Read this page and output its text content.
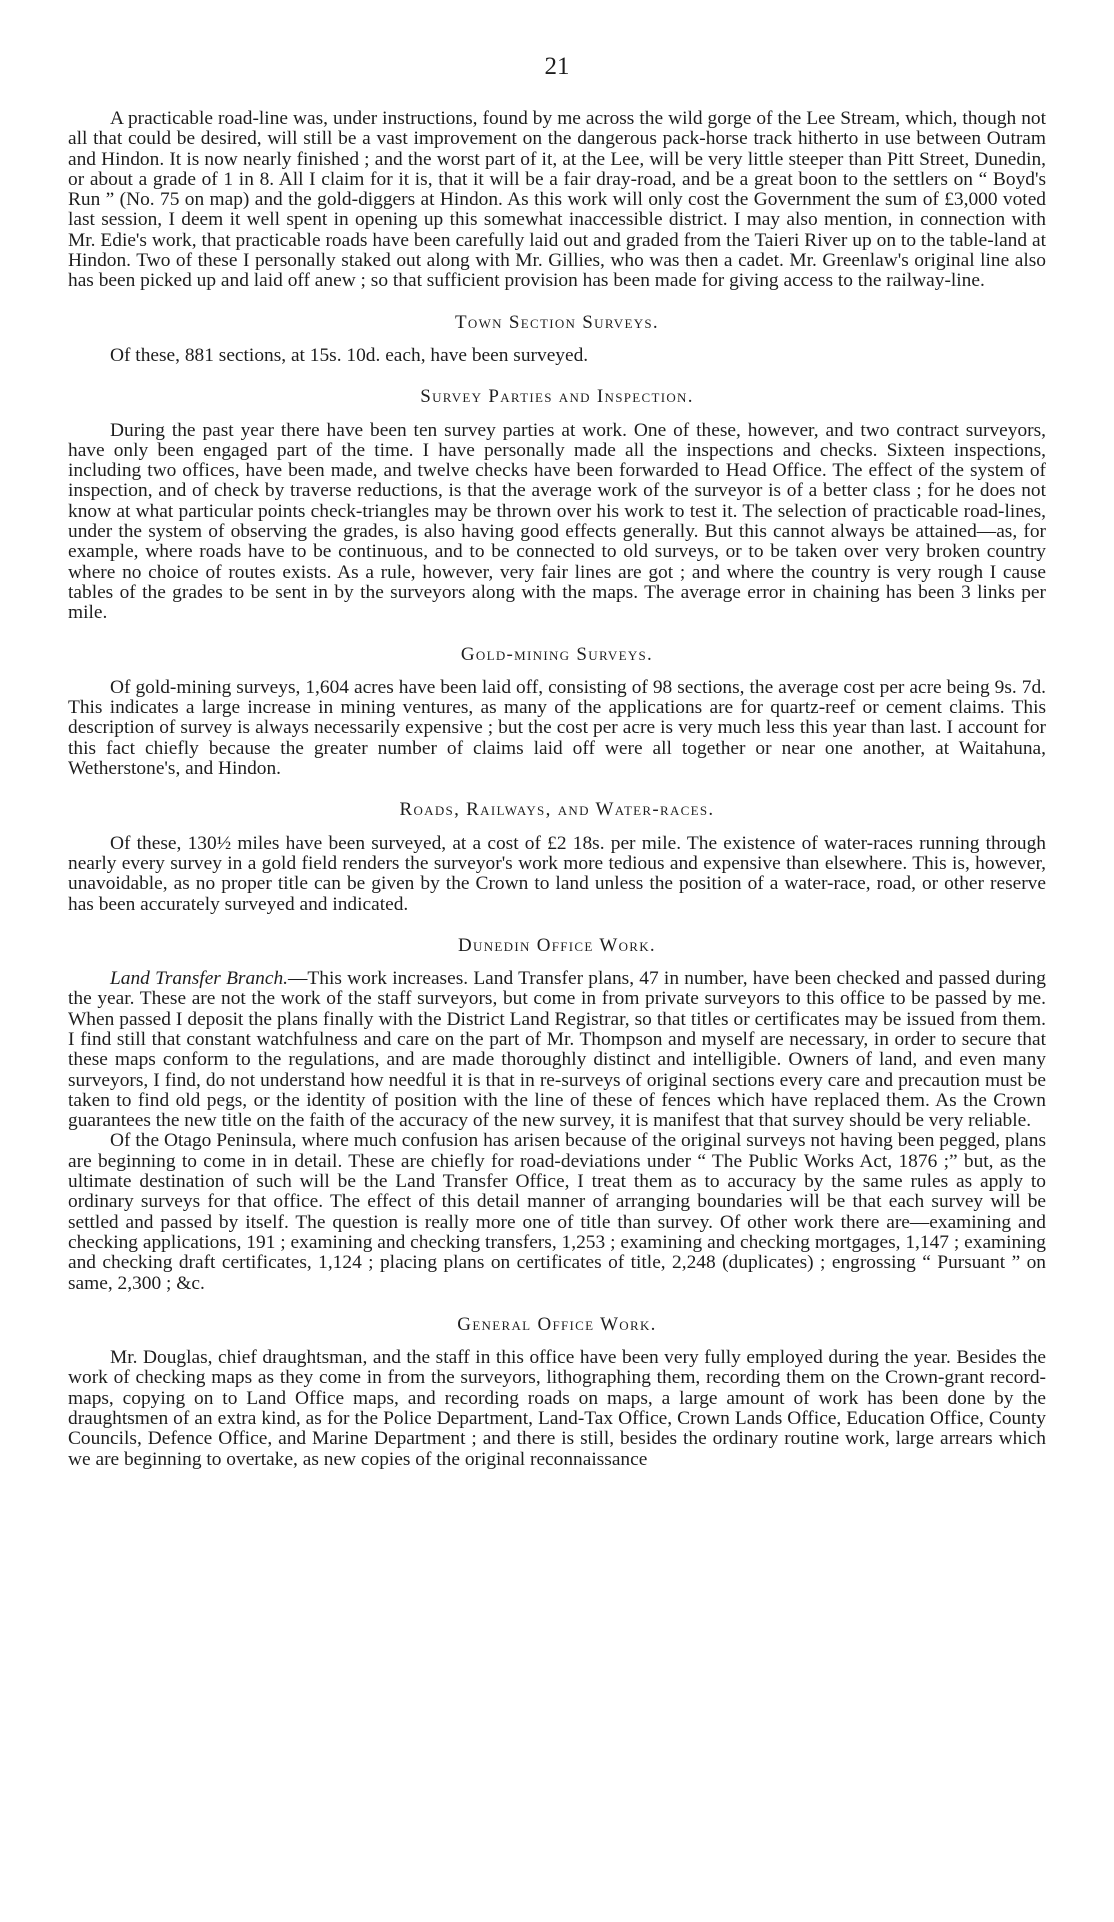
21

A practicable road-line was, under instructions, found by me across the wild gorge of the Lee Stream, which, though not all that could be desired, will still be a vast improvement on the dangerous pack-horse track hitherto in use between Outram and Hindon. It is now nearly finished ; and the worst part of it, at the Lee, will be very little steeper than Pitt Street, Dunedin, or about a grade of 1 in 8. All I claim for it is, that it will be a fair dray-road, and be a great boon to the settlers on “ Boyd's Run ” (No. 75 on map) and the gold-diggers at Hindon. As this work will only cost the Government the sum of £3,000 voted last session, I deem it well spent in opening up this somewhat inaccessible district. I may also mention, in connection with Mr. Edie's work, that practicable roads have been carefully laid out and graded from the Taieri River up on to the table-land at Hindon. Two of these I personally staked out along with Mr. Gillies, who was then a cadet. Mr. Greenlaw's original line also has been picked up and laid off anew ; so that sufficient provision has been made for giving access to the railway-line.

Town Section Surveys.

Of these, 881 sections, at 15s. 10d. each, have been surveyed.

Survey Parties and Inspection.

During the past year there have been ten survey parties at work. One of these, however, and two contract surveyors, have only been engaged part of the time. I have personally made all the inspections and checks. Sixteen inspections, including two offices, have been made, and twelve checks have been forwarded to Head Office. The effect of the system of inspection, and of check by traverse reductions, is that the average work of the surveyor is of a better class ; for he does not know at what particular points check-triangles may be thrown over his work to test it. The selection of practicable road-lines, under the system of observing the grades, is also having good effects generally. But this cannot always be attained—as, for example, where roads have to be continuous, and to be connected to old surveys, or to be taken over very broken country where no choice of routes exists. As a rule, however, very fair lines are got ; and where the country is very rough I cause tables of the grades to be sent in by the surveyors along with the maps. The average error in chaining has been 3 links per mile.

Gold-mining Surveys.

Of gold-mining surveys, 1,604 acres have been laid off, consisting of 98 sections, the average cost per acre being 9s. 7d. This indicates a large increase in mining ventures, as many of the applications are for quartz-reef or cement claims. This description of survey is always necessarily expensive ; but the cost per acre is very much less this year than last. I account for this fact chiefly because the greater number of claims laid off were all together or near one another, at Waitahuna, Wetherstone's, and Hindon.

Roads, Railways, and Water-races.

Of these, 130½ miles have been surveyed, at a cost of £2 18s. per mile. The existence of water-races running through nearly every survey in a gold field renders the surveyor's work more tedious and expensive than elsewhere. This is, however, unavoidable, as no proper title can be given by the Crown to land unless the position of a water-race, road, or other reserve has been accurately surveyed and indicated.

Dunedin Office Work.

Land Transfer Branch.—This work increases. Land Transfer plans, 47 in number, have been checked and passed during the year. These are not the work of the staff surveyors, but come in from private surveyors to this office to be passed by me. When passed I deposit the plans finally with the District Land Registrar, so that titles or certificates may be issued from them. I find still that constant watchfulness and care on the part of Mr. Thompson and myself are necessary, in order to secure that these maps conform to the regulations, and are made thoroughly distinct and intelligible. Owners of land, and even many surveyors, I find, do not understand how needful it is that in re-surveys of original sections every care and precaution must be taken to find old pegs, or the identity of position with the line of these of fences which have replaced them. As the Crown guarantees the new title on the faith of the accuracy of the new survey, it is manifest that that survey should be very reliable.

Of the Otago Peninsula, where much confusion has arisen because of the original surveys not having been pegged, plans are beginning to come in in detail. These are chiefly for road-deviations under “ The Public Works Act, 1876 ;” but, as the ultimate destination of such will be the Land Transfer Office, I treat them as to accuracy by the same rules as apply to ordinary surveys for that office. The effect of this detail manner of arranging boundaries will be that each survey will be settled and passed by itself. The question is really more one of title than survey. Of other work there are—examining and checking applications, 191 ; examining and checking transfers, 1,253 ; examining and checking mortgages, 1,147 ; examining and checking draft certificates, 1,124 ; placing plans on certificates of title, 2,248 (duplicates) ; engrossing “ Pursuant ” on same, 2,300 ; &c.

General Office Work.

Mr. Douglas, chief draughtsman, and the staff in this office have been very fully employed during the year. Besides the work of checking maps as they come in from the surveyors, lithographing them, recording them on the Crown-grant record-maps, copying on to Land Office maps, and recording roads on maps, a large amount of work has been done by the draughtsmen of an extra kind, as for the Police Department, Land-Tax Office, Crown Lands Office, Education Office, County Councils, Defence Office, and Marine Department ; and there is still, besides the ordinary routine work, large arrears which we are beginning to overtake, as new copies of the original reconnaissance
